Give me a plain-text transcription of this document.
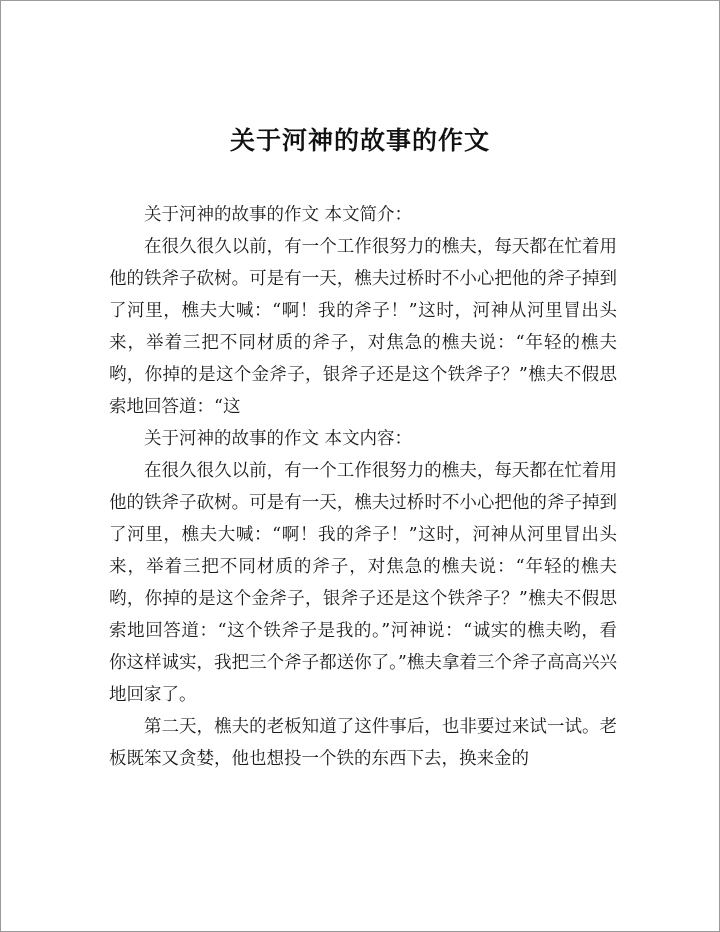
关于河神的故事的作文

关于河神的故事的作文 本文简介：

在很久很久以前，有一个工作很努力的樵夫，每天都在忙着用他的铁斧子砍树。可是有一天，樵夫过桥时不小心把他的斧子掉到了河里，樵夫大喊：“啊！我的斧子！”这时，河神从河里冒出头来，举着三把不同材质的斧子，对焦急的樵夫说：“年轻的樵夫哟，你掉的是这个金斧子，银斧子还是这个铁斧子？”樵夫不假思索地回答道：“这

关于河神的故事的作文 本文内容：

在很久很久以前，有一个工作很努力的樵夫，每天都在忙着用他的铁斧子砍树。可是有一天，樵夫过桥时不小心把他的斧子掉到了河里，樵夫大喊：“啊！我的斧子！”这时，河神从河里冒出头来，举着三把不同材质的斧子，对焦急的樵夫说：“年轻的樵夫哟，你掉的是这个金斧子，银斧子还是这个铁斧子？”樵夫不假思索地回答道：“这个铁斧子是我的。”河神说：“诚实的樵夫哟，看你这样诚实，我把三个斧子都送你了。”樵夫拿着三个斧子高高兴兴地回家了。

第二天，樵夫的老板知道了这件事后，也非要过来试一试。老板既笨又贪婪，他也想投一个铁的东西下去，换来金的
